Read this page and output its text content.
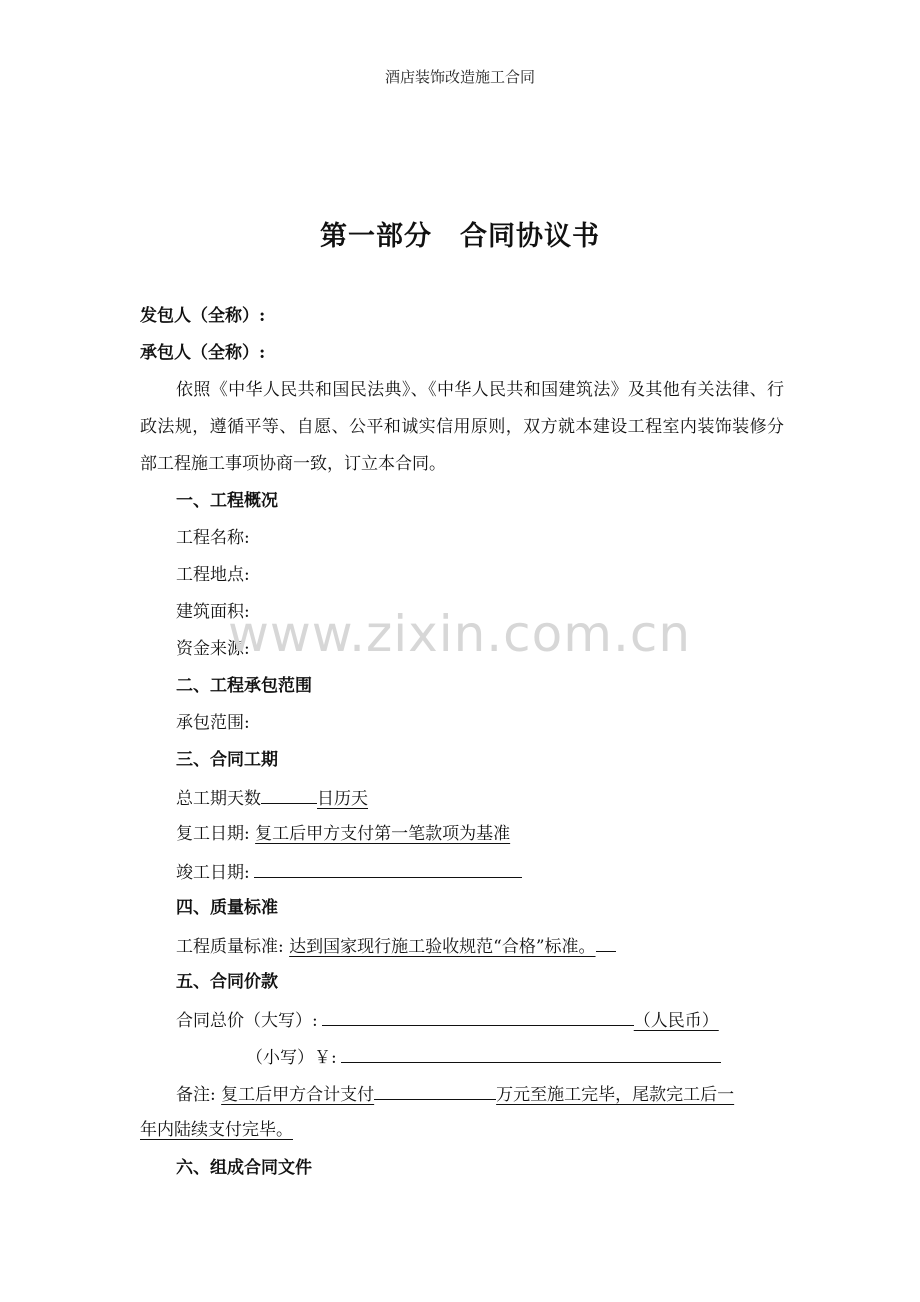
酒店装饰改造施工合同
第一部分　合同协议书
发包人（全称）:
承包人（全称）:
依照《中华人民共和国民法典》、《中华人民共和国建筑法》及其他有关法律、行政法规，遵循平等、自愿、公平和诚实信用原则，双方就本建设工程室内装饰装修分部工程施工事项协商一致，订立本合同。
一、工程概况
工程名称:
工程地点:
建筑面积:
资金来源:
二、工程承包范围
承包范围:
三、合同工期
总工期天数	日历天
复工日期: 复工后甲方支付第一笔款项为基准
竣工日期:
四、质量标准
工程质量标准: 达到国家现行施工验收规范“合格”标准。
五、合同价款
合同总价（大写）:	（人民币）
（小写）￥:
备注: 复工后甲方合计支付	万元至施工完毕，尾款完工后一
年内陆续支付完毕。
六、组成合同文件
www.zixin.com.cn
